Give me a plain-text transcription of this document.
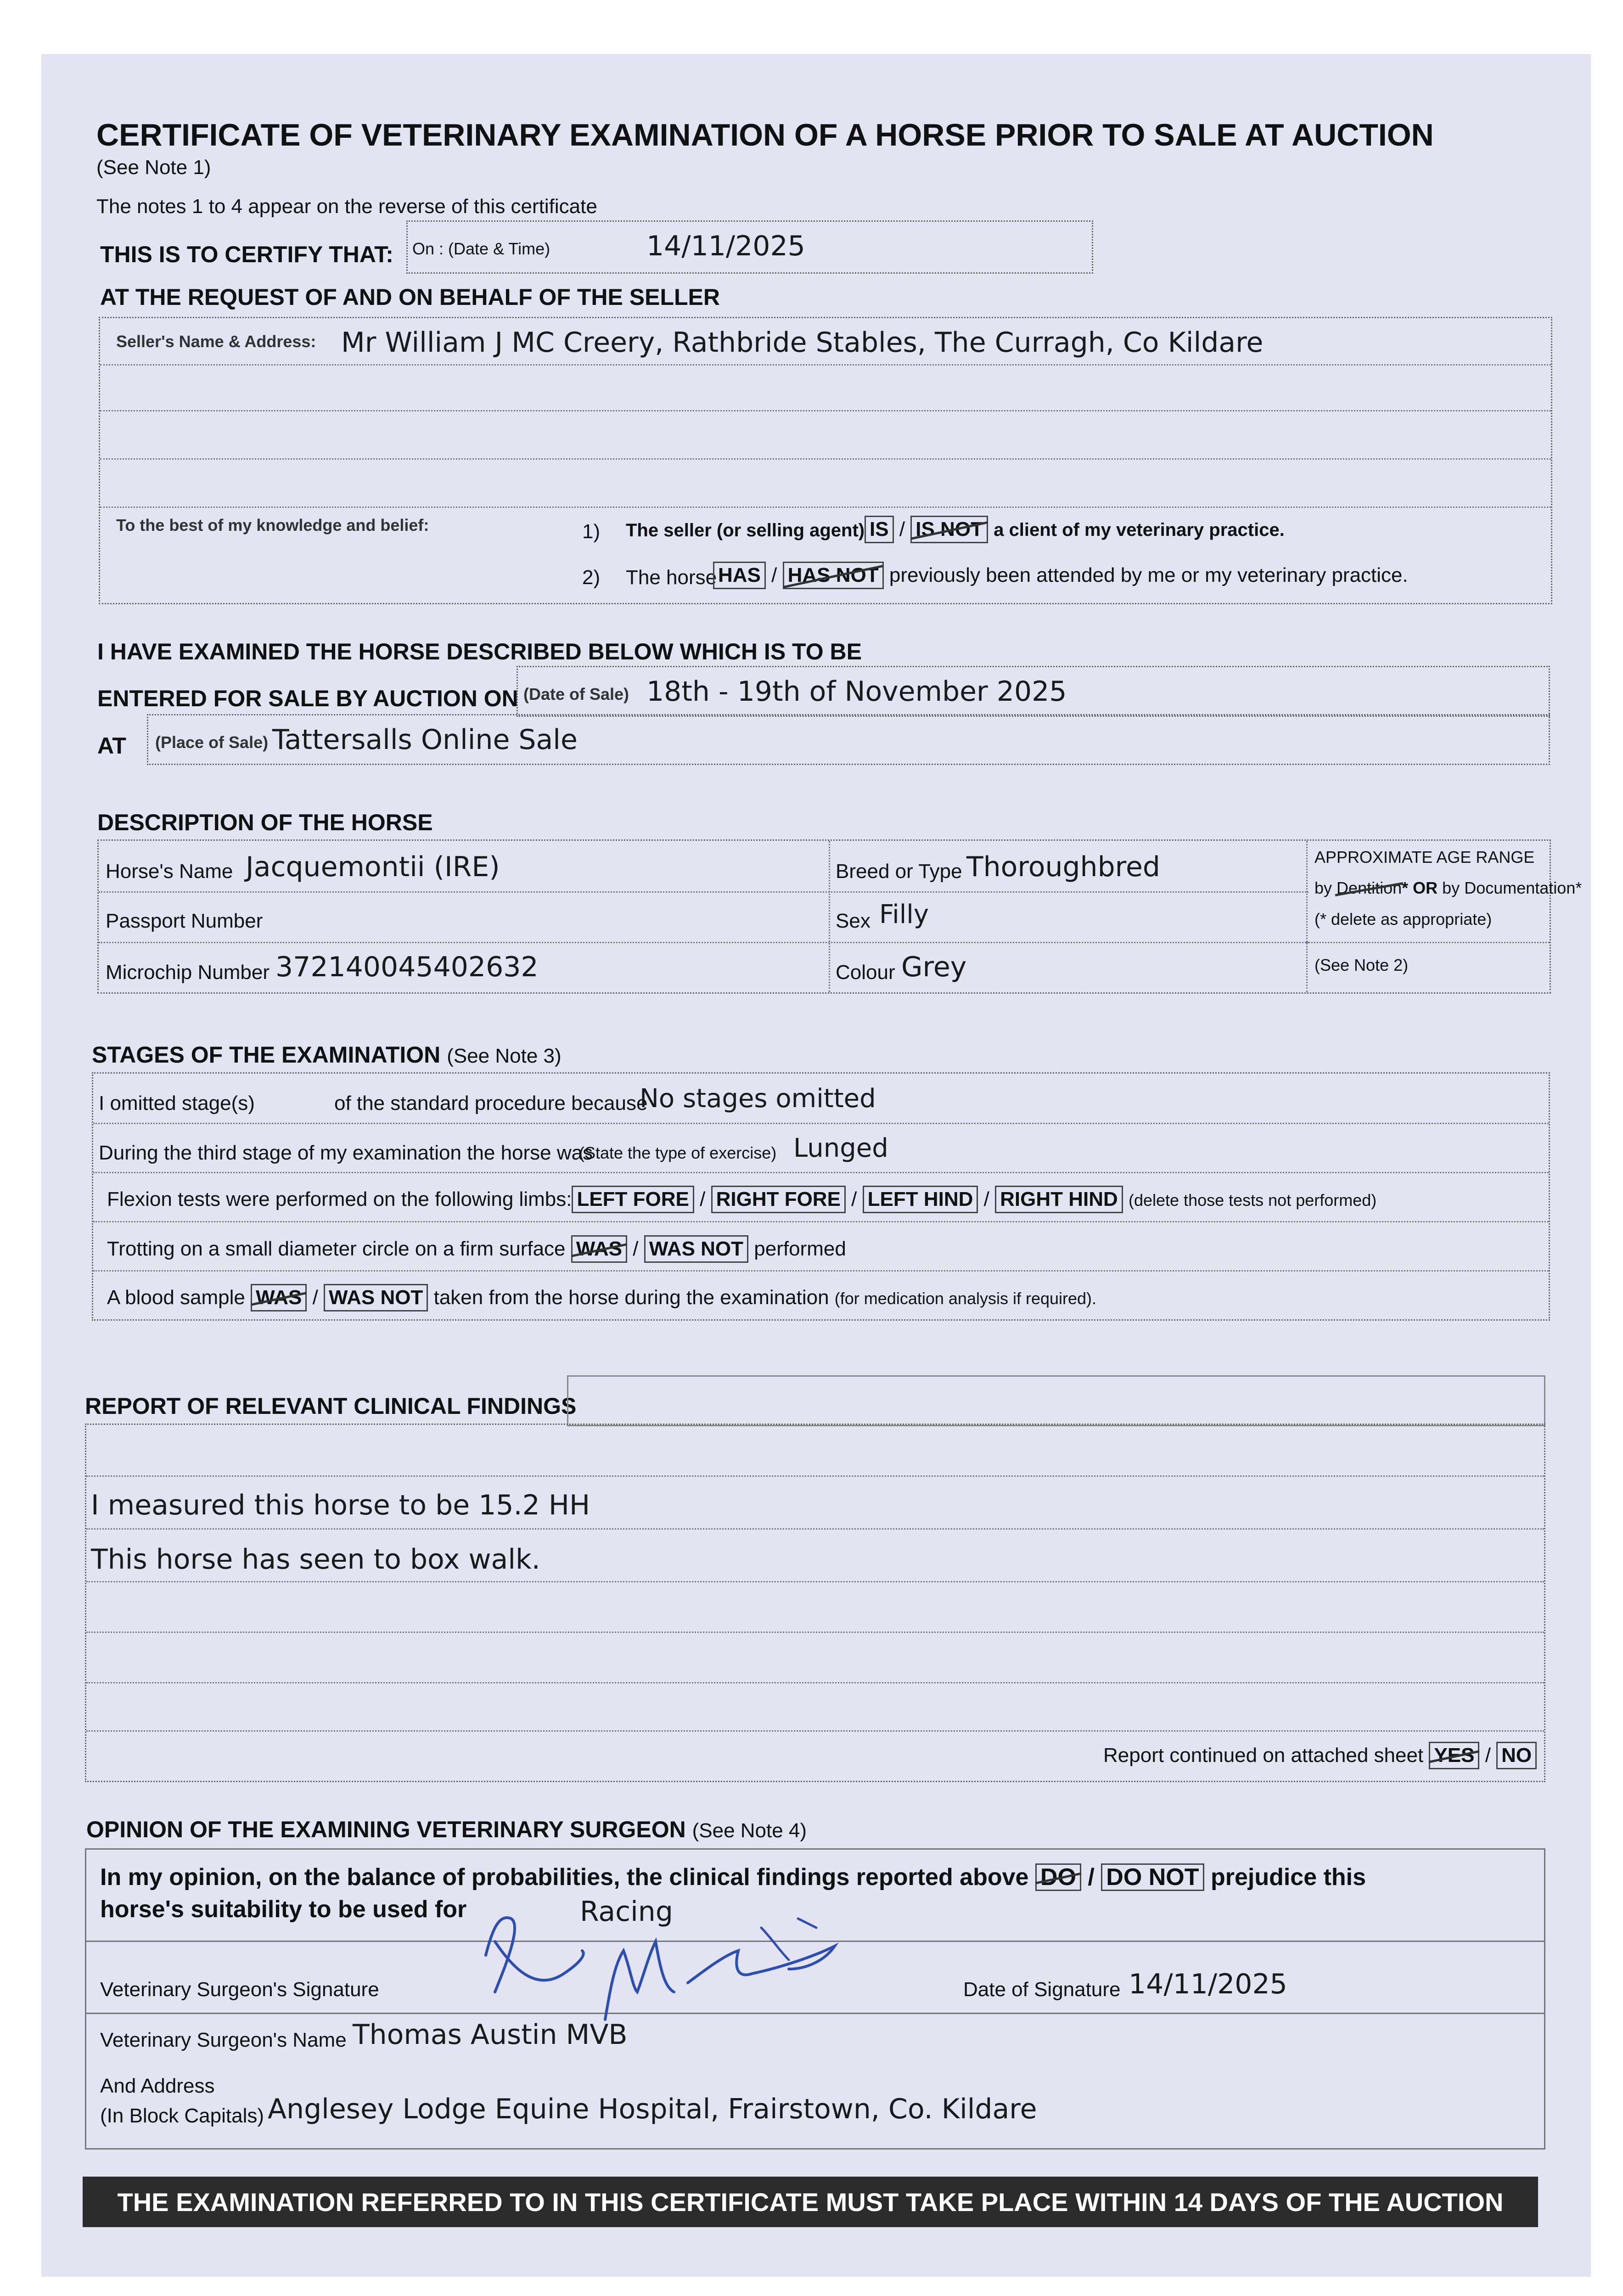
CERTIFICATE OF VETERINARY EXAMINATION OF A HORSE PRIOR TO SALE AT AUCTION
(See Note 1)
The notes 1 to 4 appear on the reverse of this certificate
THIS IS TO CERTIFY THAT: On : (Date & Time)	14/11/2025
AT THE REQUEST OF AND ON BEHALF OF THE SELLER
Seller's Name & Address: Mr William J MC Creery, Rathbride Stables, The Curragh, Co Kildare
To the best of my knowledge and belief:	1) The seller (or selling agent) IS / IS NOT a client of my veterinary practice.
2) The horse HAS / HAS NOT previously been attended by me or my veterinary practice.
I HAVE EXAMINED THE HORSE DESCRIBED BELOW WHICH IS TO BE
ENTERED FOR SALE BY AUCTION ON (Date of Sale) 18th - 19th of November 2025
AT (Place of Sale) Tattersalls Online Sale
DESCRIPTION OF THE HORSE
Horse's Name Jacquemontii (IRE)	Breed or Type Thoroughbred	APPROXIMATE AGE RANGE
by Dentition* OR by Documentation*
(* delete as appropriate)
(See Note 2)
Passport Number	Sex Filly
Microchip Number 372140045402632	Colour Grey
STAGES OF THE EXAMINATION (See Note 3)
I omitted stage(s)	of the standard procedure because
No stages omitted
During the third stage of my examination the horse was
(State the type of exercise) Lunged
Flexion tests were performed on the following limbs: LEFT FORE / RIGHT FORE / LEFT HIND / RIGHT HIND (delete those tests not performed)
Trotting on a small diameter circle on a firm surface WAS / WAS NOT performed
A blood sample WAS / WAS NOT taken from the horse during the examination (for medication analysis if required).
REPORT OF RELEVANT CLINICAL FINDINGS
I measured this horse to be 15.2 HH
This horse has seen to box walk.
Report continued on attached sheet YES / NO
OPINION OF THE EXAMINING VETERINARY SURGEON (See Note 4)
In my opinion, on the balance of probabilities, the clinical findings reported above DO / DO NOT prejudice this
horse's suitability to be used for	Racing
Veterinary Surgeon's Signature	Date of Signature 14/11/2025
Veterinary Surgeon's Name Thomas Austin MVB
And Address
(In Block Capitals) Anglesey Lodge Equine Hospital, Frairstown, Co. Kildare
THE EXAMINATION REFERRED TO IN THIS CERTIFICATE MUST TAKE PLACE WITHIN 14 DAYS OF THE AUCTION
